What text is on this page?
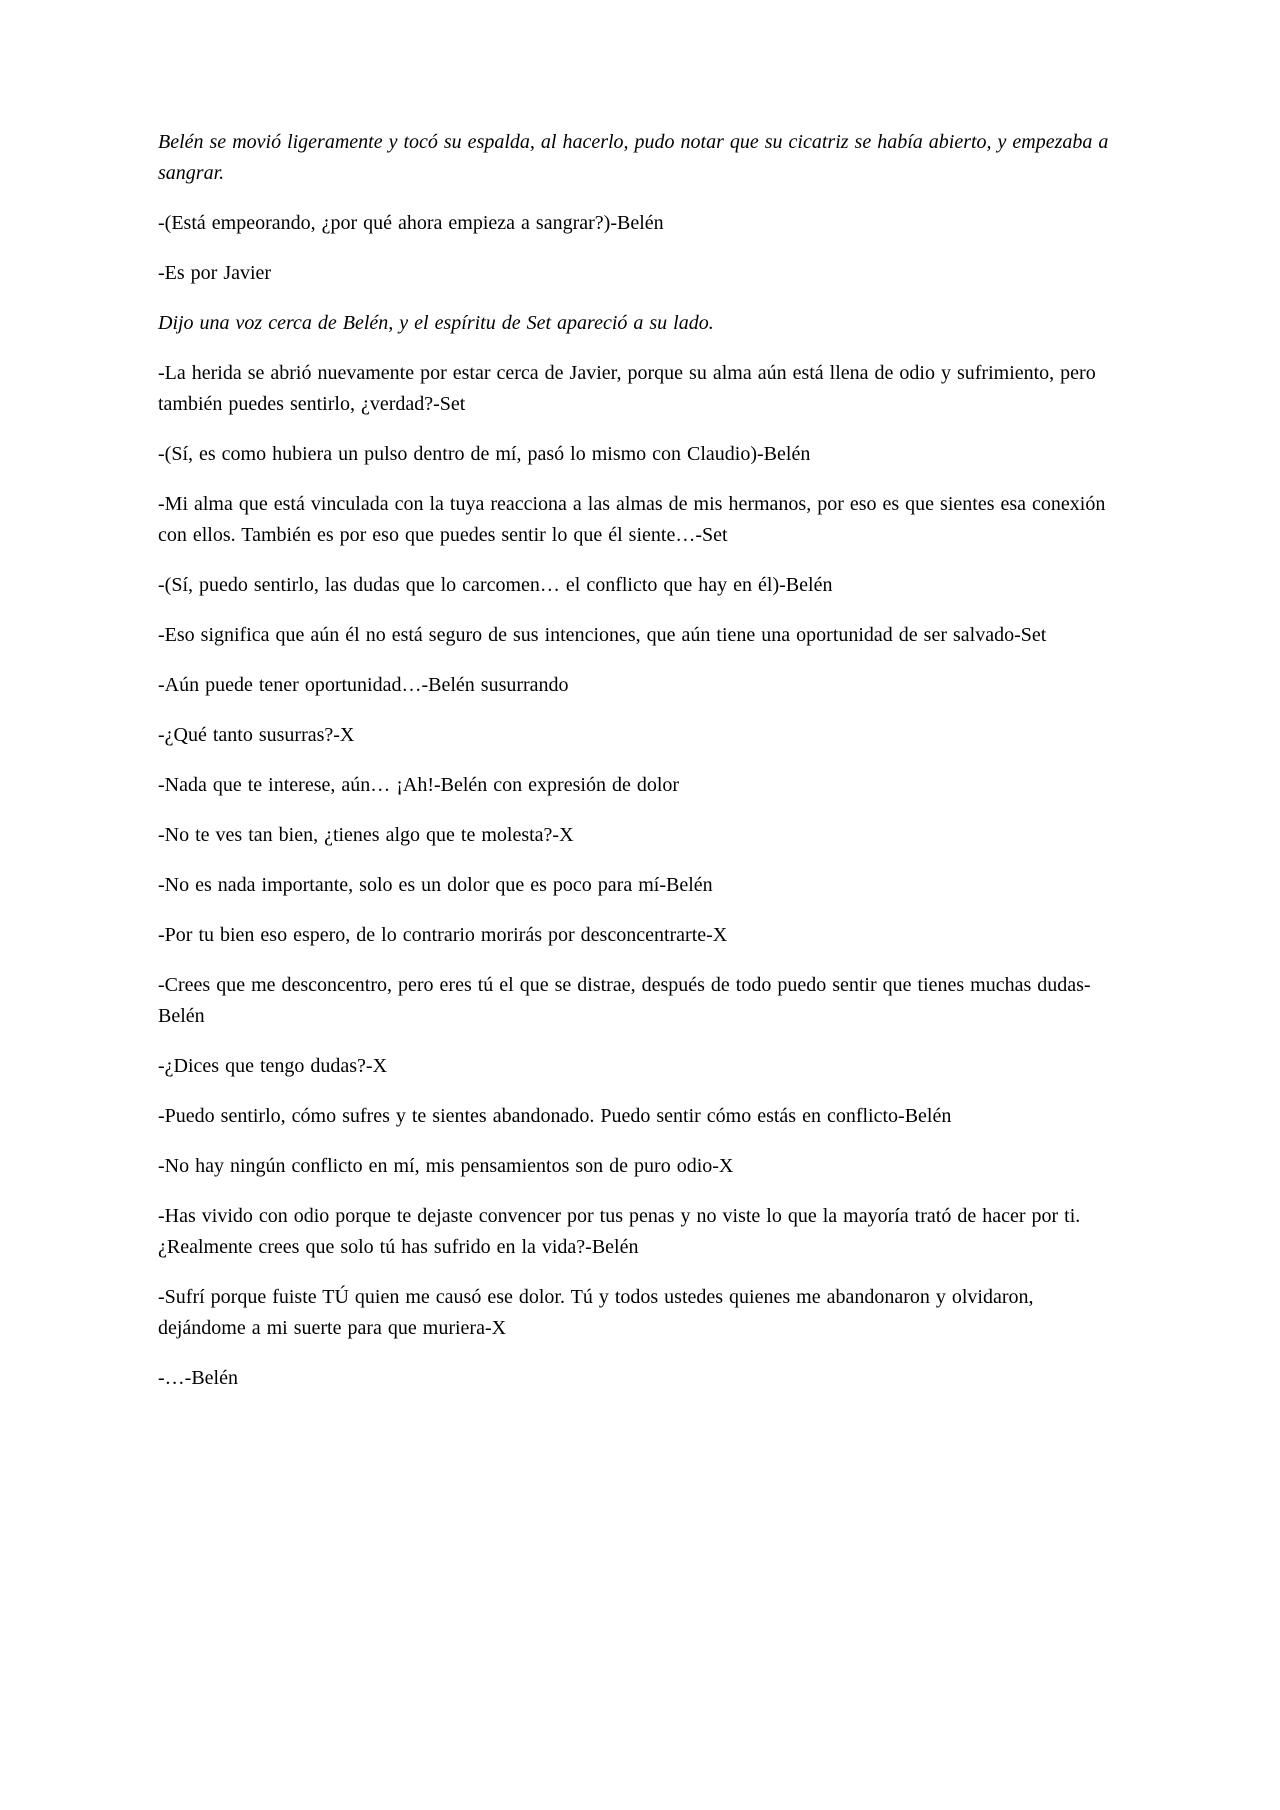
Belén se movió ligeramente y tocó su espalda, al hacerlo, pudo notar que su cicatriz se había abierto, y empezaba a sangrar.

-(Está empeorando, ¿por qué ahora empieza a sangrar?)-Belén

-Es por Javier

Dijo una voz cerca de Belén, y el espíritu de Set apareció a su lado.

-La herida se abrió nuevamente por estar cerca de Javier, porque su alma aún está llena de odio y sufrimiento, pero también puedes sentirlo, ¿verdad?-Set

-(Sí, es como hubiera un pulso dentro de mí, pasó lo mismo con Claudio)-Belén

-Mi alma que está vinculada con la tuya reacciona a las almas de mis hermanos, por eso es que sientes esa conexión con ellos. También es por eso que puedes sentir lo que él siente…-Set

-(Sí, puedo sentirlo, las dudas que lo carcomen… el conflicto que hay en él)-Belén

-Eso significa que aún él no está seguro de sus intenciones, que aún tiene una oportunidad de ser salvado-Set

-Aún puede tener oportunidad…-Belén susurrando

-¿Qué tanto susurras?-X

-Nada que te interese, aún… ¡Ah!-Belén con expresión de dolor

-No te ves tan bien, ¿tienes algo que te molesta?-X

-No es nada importante, solo es un dolor que es poco para mí-Belén

-Por tu bien eso espero, de lo contrario morirás por desconcentrarte-X

-Crees que me desconcentro, pero eres tú el que se distrae, después de todo puedo sentir que tienes muchas dudas-Belén

-¿Dices que tengo dudas?-X

-Puedo sentirlo, cómo sufres y te sientes abandonado. Puedo sentir cómo estás en conflicto-Belén

-No hay ningún conflicto en mí, mis pensamientos son de puro odio-X

-Has vivido con odio porque te dejaste convencer por tus penas y no viste lo que la mayoría trató de hacer por ti. ¿Realmente crees que solo tú has sufrido en la vida?-Belén

-Sufrí porque fuiste TÚ quien me causó ese dolor. Tú y todos ustedes quienes me abandonaron y olvidaron, dejándome a mi suerte para que muriera-X

-…-Belén
